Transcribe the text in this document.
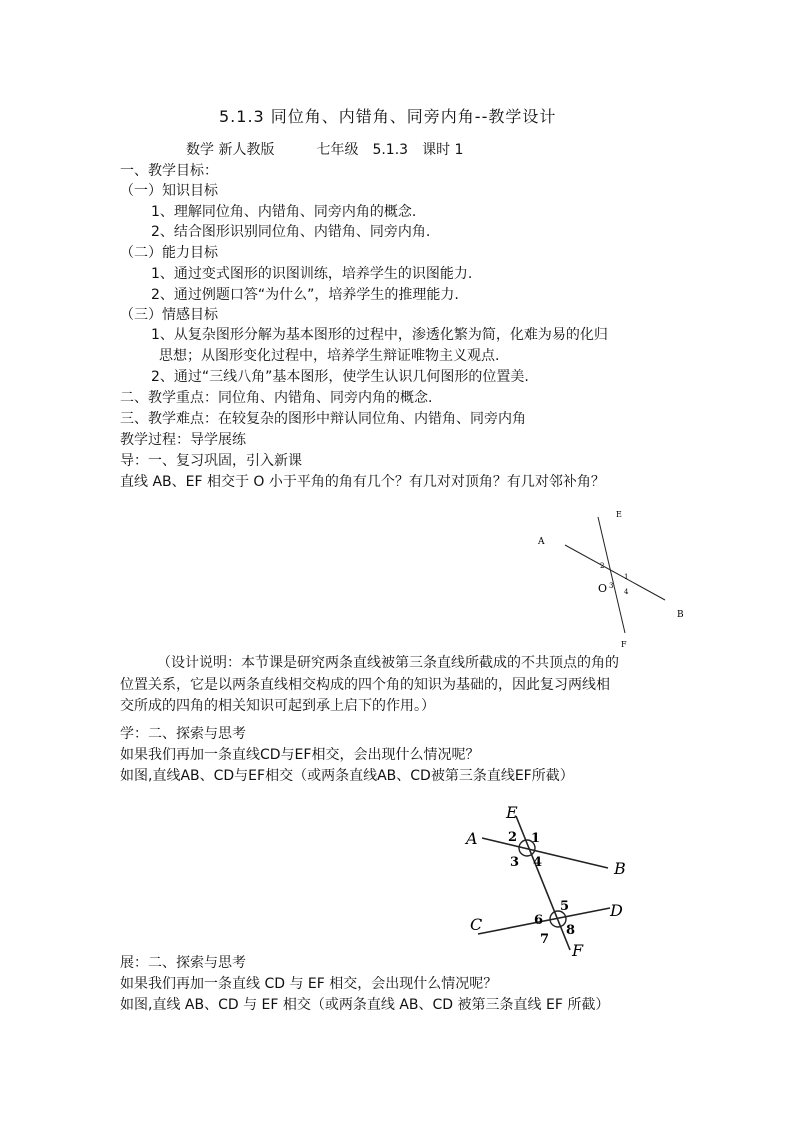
5.1.3 同位角、内错角、同旁内角--教学设计
数学 新人教版　　　七年级　5.1.3　课时 1
一、教学目标：
（一）知识目标
1、理解同位角、内错角、同旁内角的概念.
2、结合图形识别同位角、内错角、同旁内角.
（二）能力目标
1、通过变式图形的识图训练，培养学生的识图能力.
2、通过例题口答“为什么”，培养学生的推理能力.
（三）情感目标
1、从复杂图形分解为基本图形的过程中，渗透化繁为简，化难为易的化归
思想；从图形变化过程中，培养学生辩证唯物主义观点.
2、通过“三线八角”基本图形，使学生认识几何图形的位置美.
二、教学重点：同位角、内错角、同旁内角的概念.
三、教学难点：在较复杂的图形中辩认同位角、内错角、同旁内角
教学过程：导学展练
导：一、复习巩固，引入新课
直线 AB、EF 相交于 O 小于平角的角有几个？有几对对顶角？有几对邻补角？
A
B
E
F
O
1
2
3
4
（设计说明：本节课是研究两条直线被第三条直线所截成的不共顶点的角的
位置关系，它是以两条直线相交构成的四个角的知识为基础的，因此复习两线相
交所成的四角的相关知识可起到承上启下的作用。）
学：二、探索与思考
如果我们再加一条直线CD与EF相交，会出现什么情况呢？
如图,直线AB、CD与EF相交（或两条直线AB、CD被第三条直线EF所截）
A
B
C
D
E
F
1
2
3 4
5
6
7
8
展：二、探索与思考
如果我们再加一条直线 CD 与 EF 相交，会出现什么情况呢？
如图,直线 AB、CD 与 EF 相交（或两条直线 AB、CD 被第三条直线 EF 所截）
